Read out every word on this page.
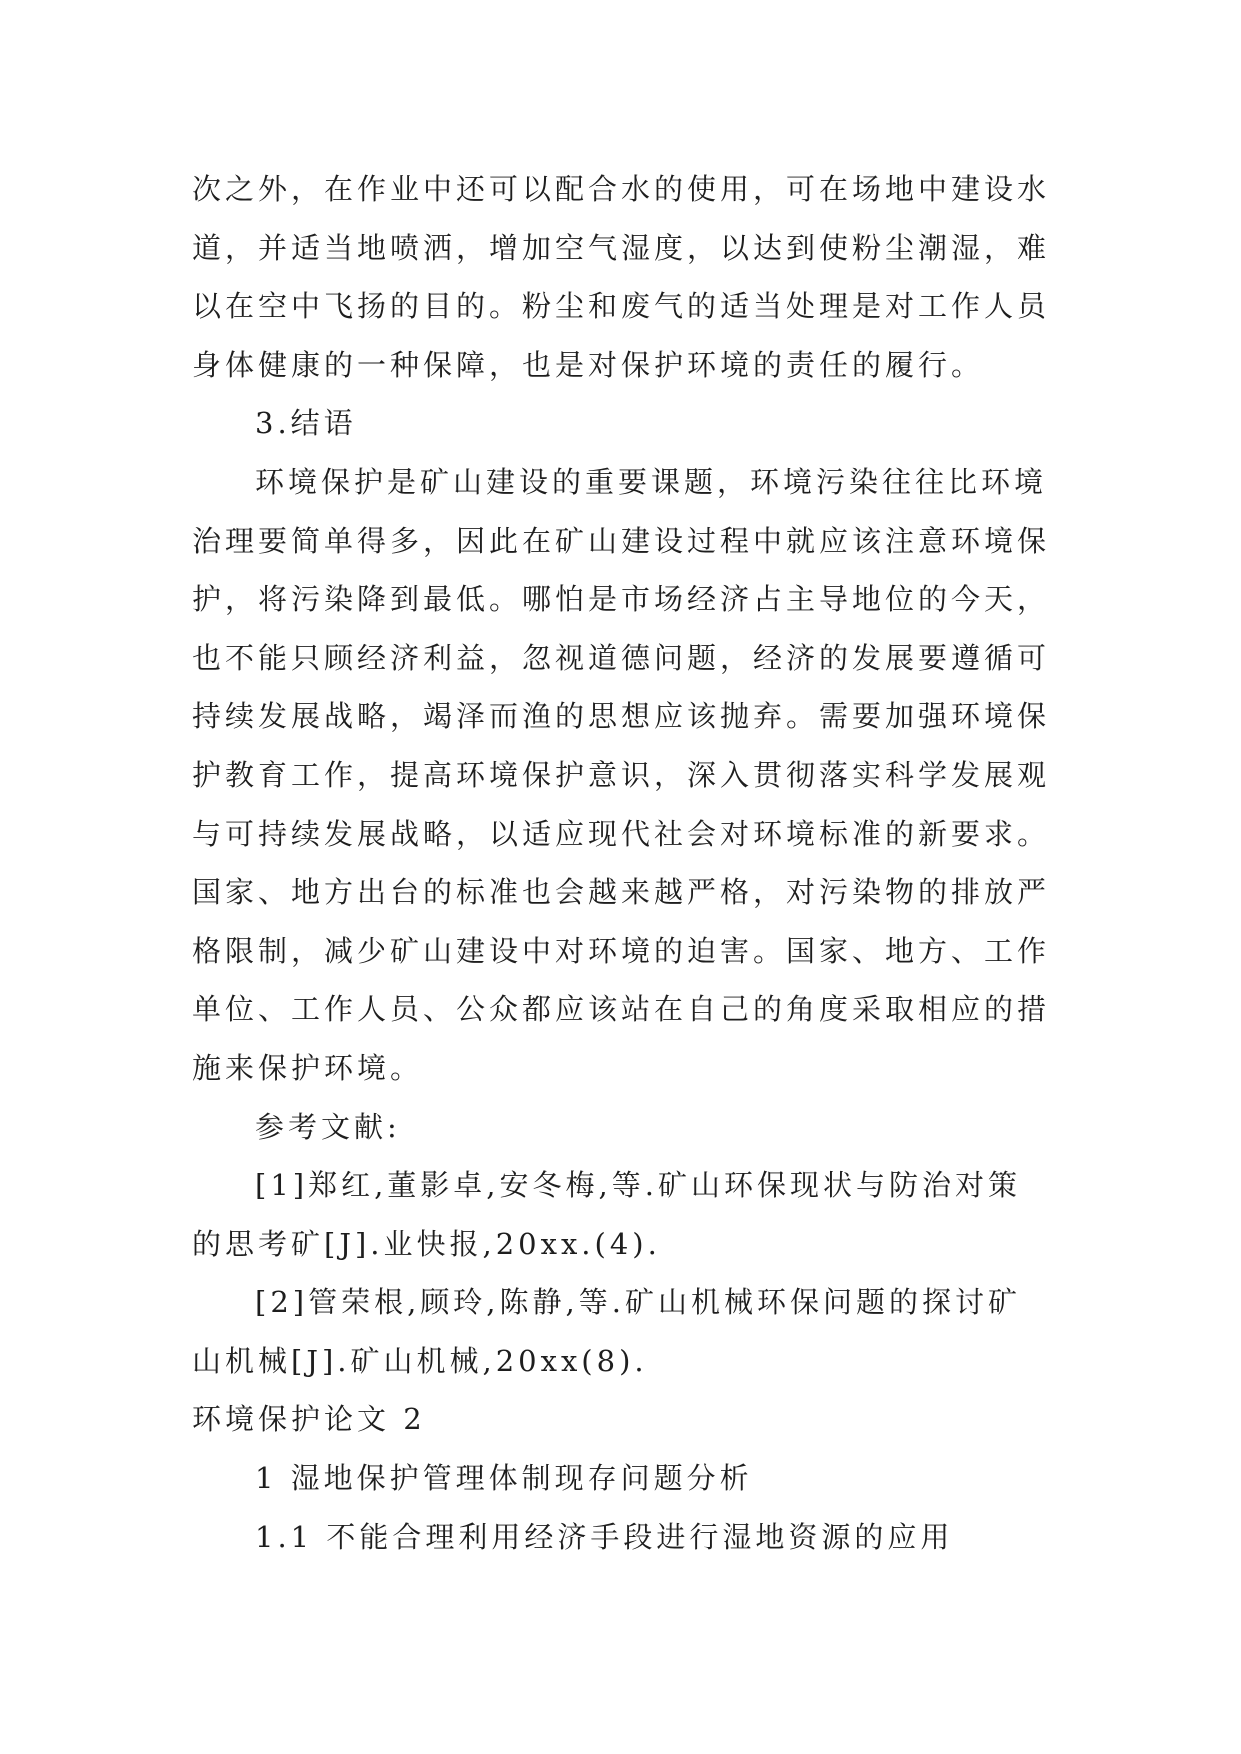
次之外，在作业中还可以配合水的使用，可在场地中建设水
道，并适当地喷洒，增加空气湿度，以达到使粉尘潮湿，难
以在空中飞扬的目的。粉尘和废气的适当处理是对工作人员
身体健康的一种保障，也是对保护环境的责任的履行。
3.结语
环境保护是矿山建设的重要课题，环境污染往往比环境
治理要简单得多，因此在矿山建设过程中就应该注意环境保
护，将污染降到最低。哪怕是市场经济占主导地位的今天，
也不能只顾经济利益，忽视道德问题，经济的发展要遵循可
持续发展战略，竭泽而渔的思想应该抛弃。需要加强环境保
护教育工作，提高环境保护意识，深入贯彻落实科学发展观
与可持续发展战略，以适应现代社会对环境标准的新要求。
国家、地方出台的标准也会越来越严格，对污染物的排放严
格限制，减少矿山建设中对环境的迫害。国家、地方、工作
单位、工作人员、公众都应该站在自己的角度采取相应的措
施来保护环境。
参考文献:
[1]郑红,董影卓,安冬梅,等.矿山环保现状与防治对策
的思考矿[J].业快报,20xx.(4).
[2]管荣根,顾玲,陈静,等.矿山机械环保问题的探讨矿
山机械[J].矿山机械,20xx(8).
环境保护论文 2
1 湿地保护管理体制现存问题分析
1.1 不能合理利用经济手段进行湿地资源的应用
